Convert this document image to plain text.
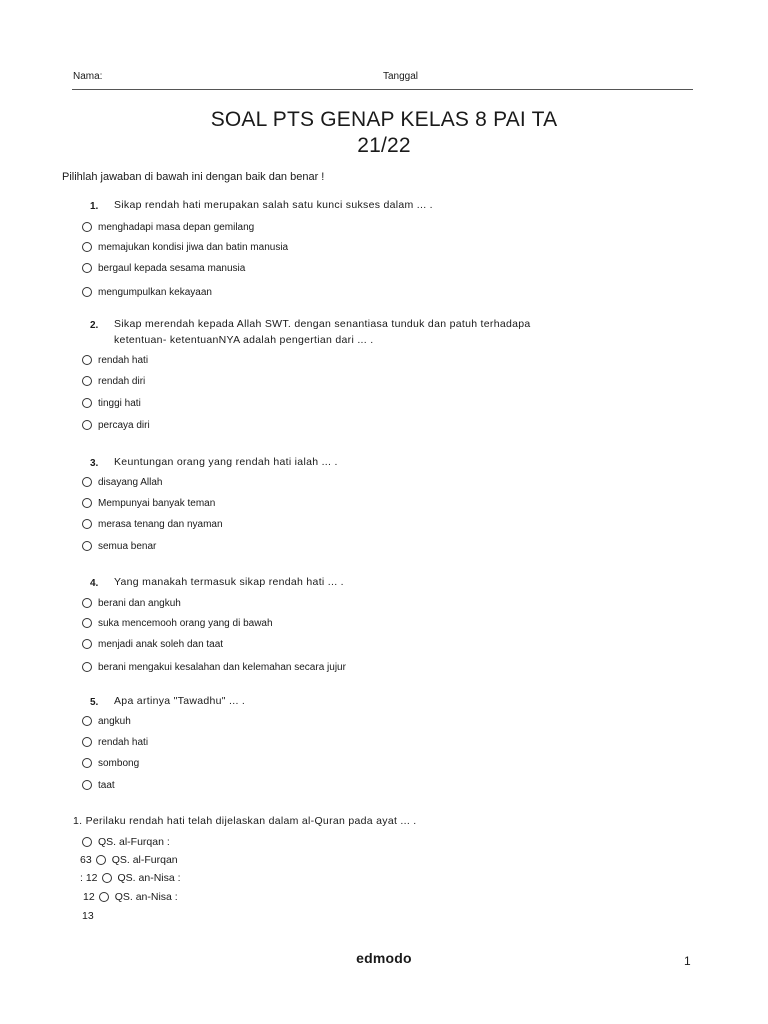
Nama:	Tanggal
SOAL PTS GENAP KELAS 8 PAI TA
21/22
Pilihlah jawaban di bawah ini dengan baik dan benar !
1. Sikap rendah hati merupakan salah satu kunci sukses dalam ... .
menghadapi masa depan gemilang
memajukan kondisi jiwa dan batin manusia
bergaul kepada sesama manusia
mengumpulkan kekayaan
2. Sikap merendah kepada Allah SWT. dengan senantiasa tunduk dan patuh terhadapa
ketentuan- ketentuanNYA adalah pengertian dari ... .
rendah hati
rendah diri
tinggi hati
percaya diri
3. Keuntungan orang yang rendah hati ialah ... .
disayang Allah
Mempunyai banyak teman
merasa tenang dan nyaman
semua benar
4. Yang manakah termasuk sikap rendah hati ... .
berani dan angkuh
suka mencemooh orang yang di bawah
menjadi anak soleh dan taat
berani mengakui kesalahan dan kelemahan secara jujur
5. Apa artinya "Tawadhu" ... .
angkuh
rendah hati
sombong
taat
1. Perilaku rendah hati telah dijelaskan dalam al-Quran pada ayat ... .
QS. al-Furqan :
63 QS. al-Furqan
: 12 QS. an-Nisa :
12 QS. an-Nisa :
13
edmodo	1
